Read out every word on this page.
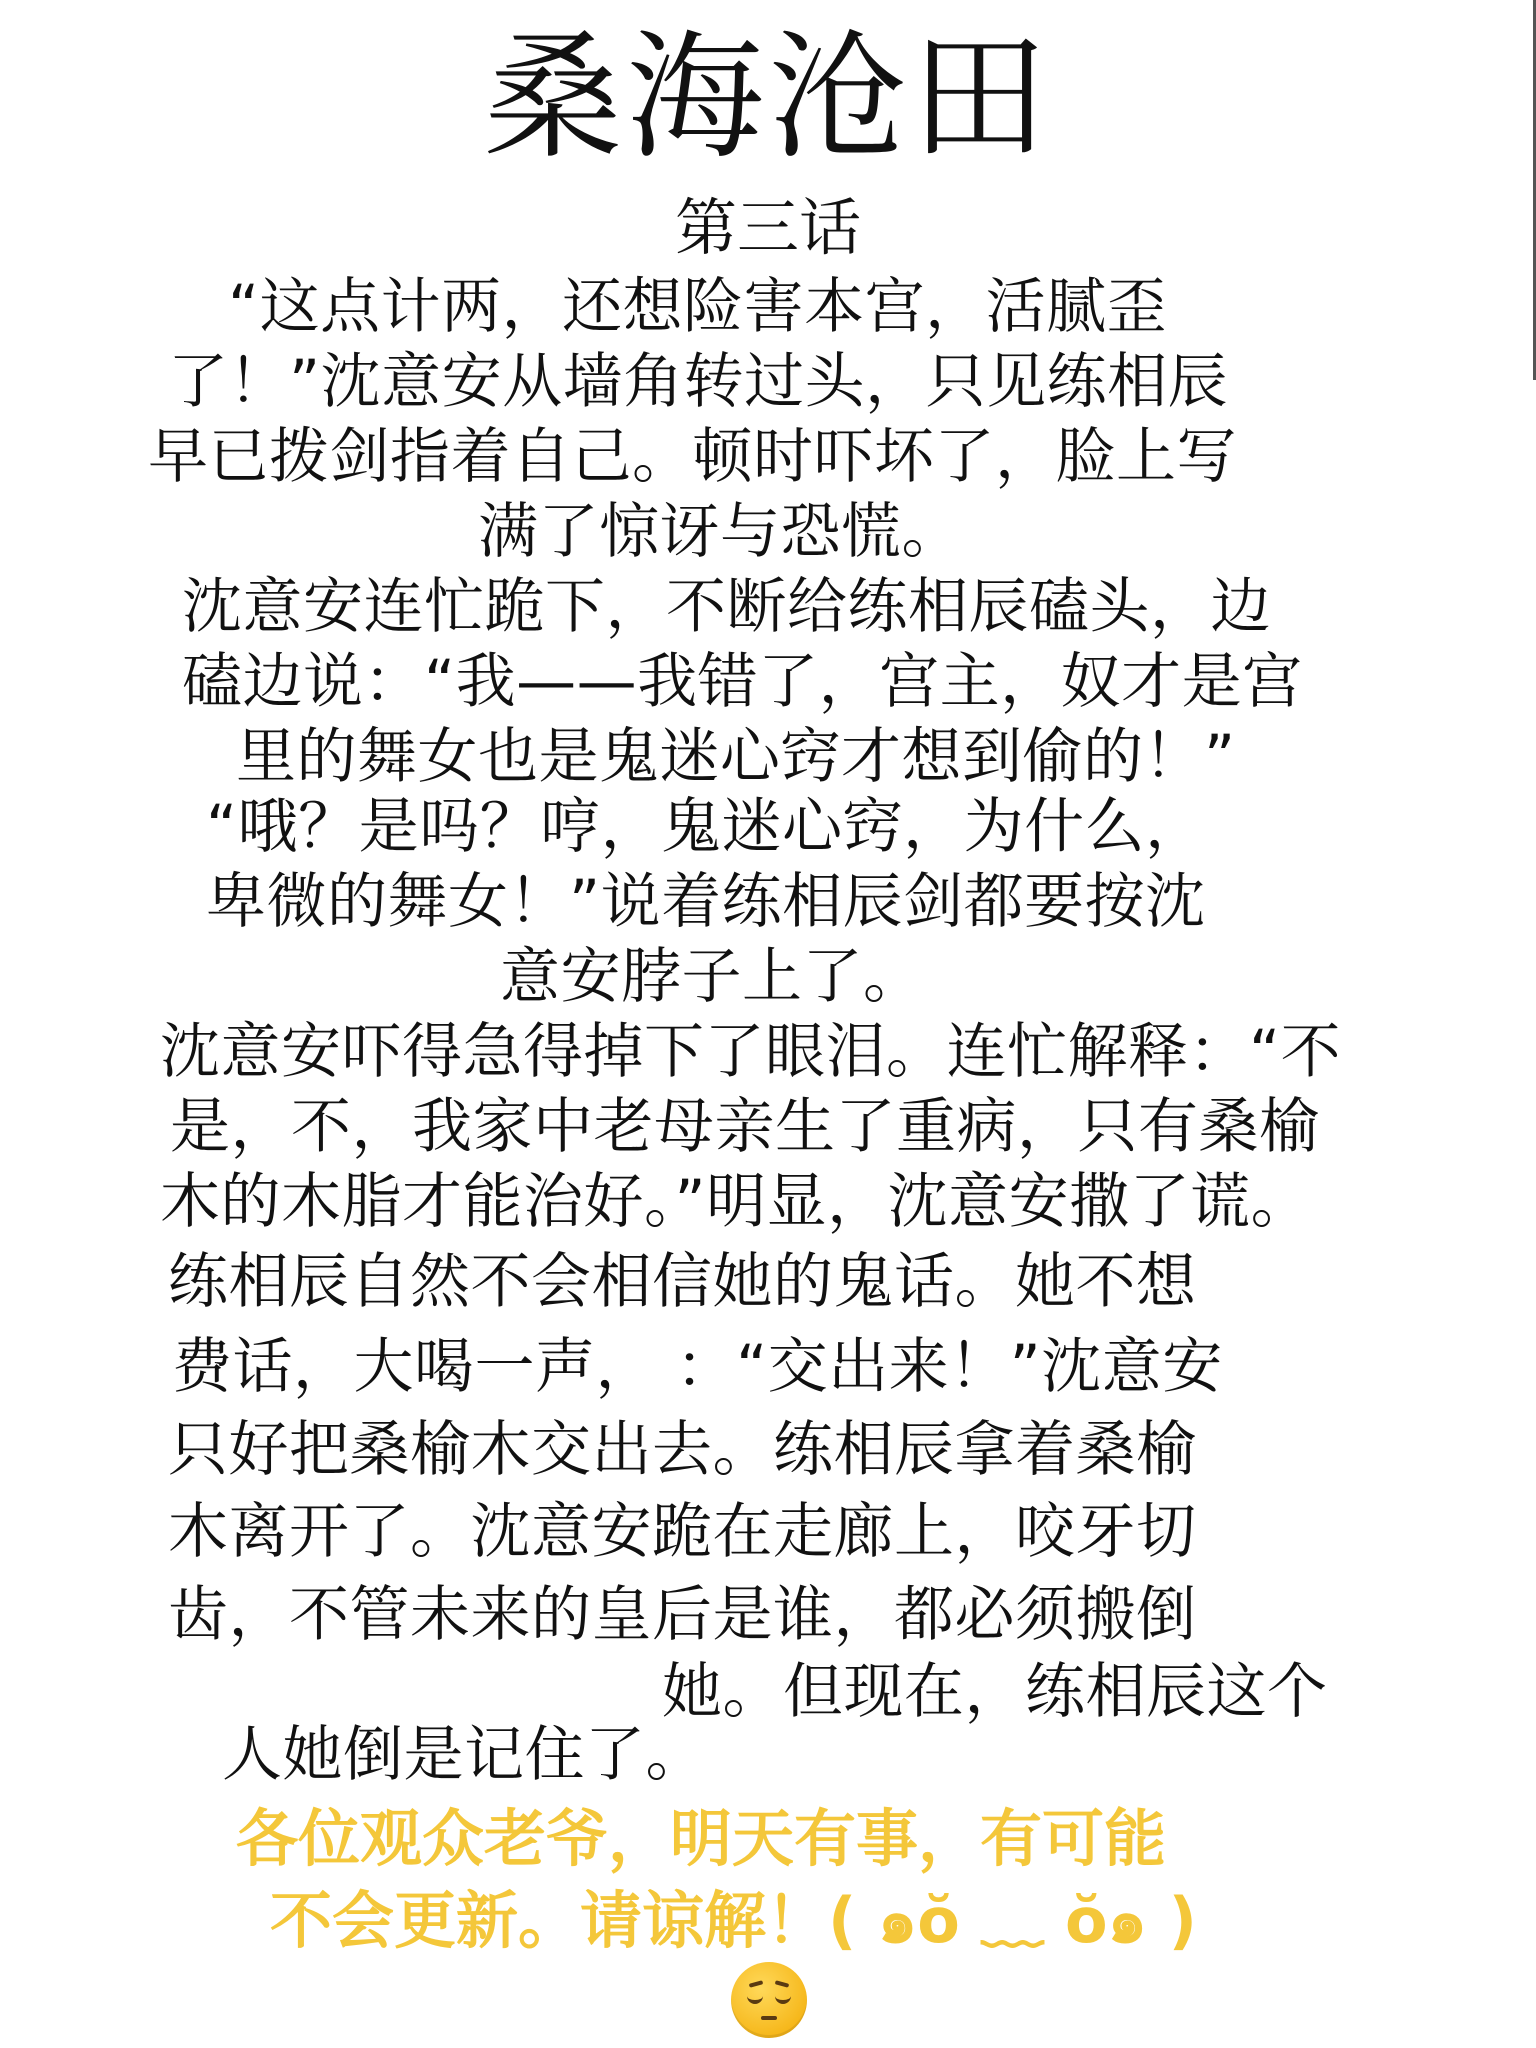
桑海沧田
第三话
“这点计两，还想险害本宫，活腻歪
了！”沈意安从墙角转过头，只见练相辰
早已拨剑指着自己。顿时吓坏了，脸上写
满了惊讶与恐慌。
沈意安连忙跪下，不断给练相辰磕头，边
磕边说：“我——我错了，宫主，奴才是宫
里的舞女也是鬼迷心窍才想到偷的！”
“哦？是吗？哼，鬼迷心窍，为什么，
卑微的舞女！”说着练相辰剑都要按沈
意安脖子上了。
沈意安吓得急得掉下了眼泪。连忙解释：“不
是，不，我家中老母亲生了重病，只有桑榆
木的木脂才能治好。”明显，沈意安撒了谎。
练相辰自然不会相信她的鬼话。她不想
费话，大喝一声， ：“交出来！”沈意安
只好把桑榆木交出去。练相辰拿着桑榆
木离开了。沈意安跪在走廊上，咬牙切
齿，不管未来的皇后是谁，都必须搬倒
她。但现在，练相辰这个
人她倒是记住了。
各位观众老爷，明天有事，有可能
不会更新。请谅解！( ๑ŏ ﹏ ŏ๑ )
